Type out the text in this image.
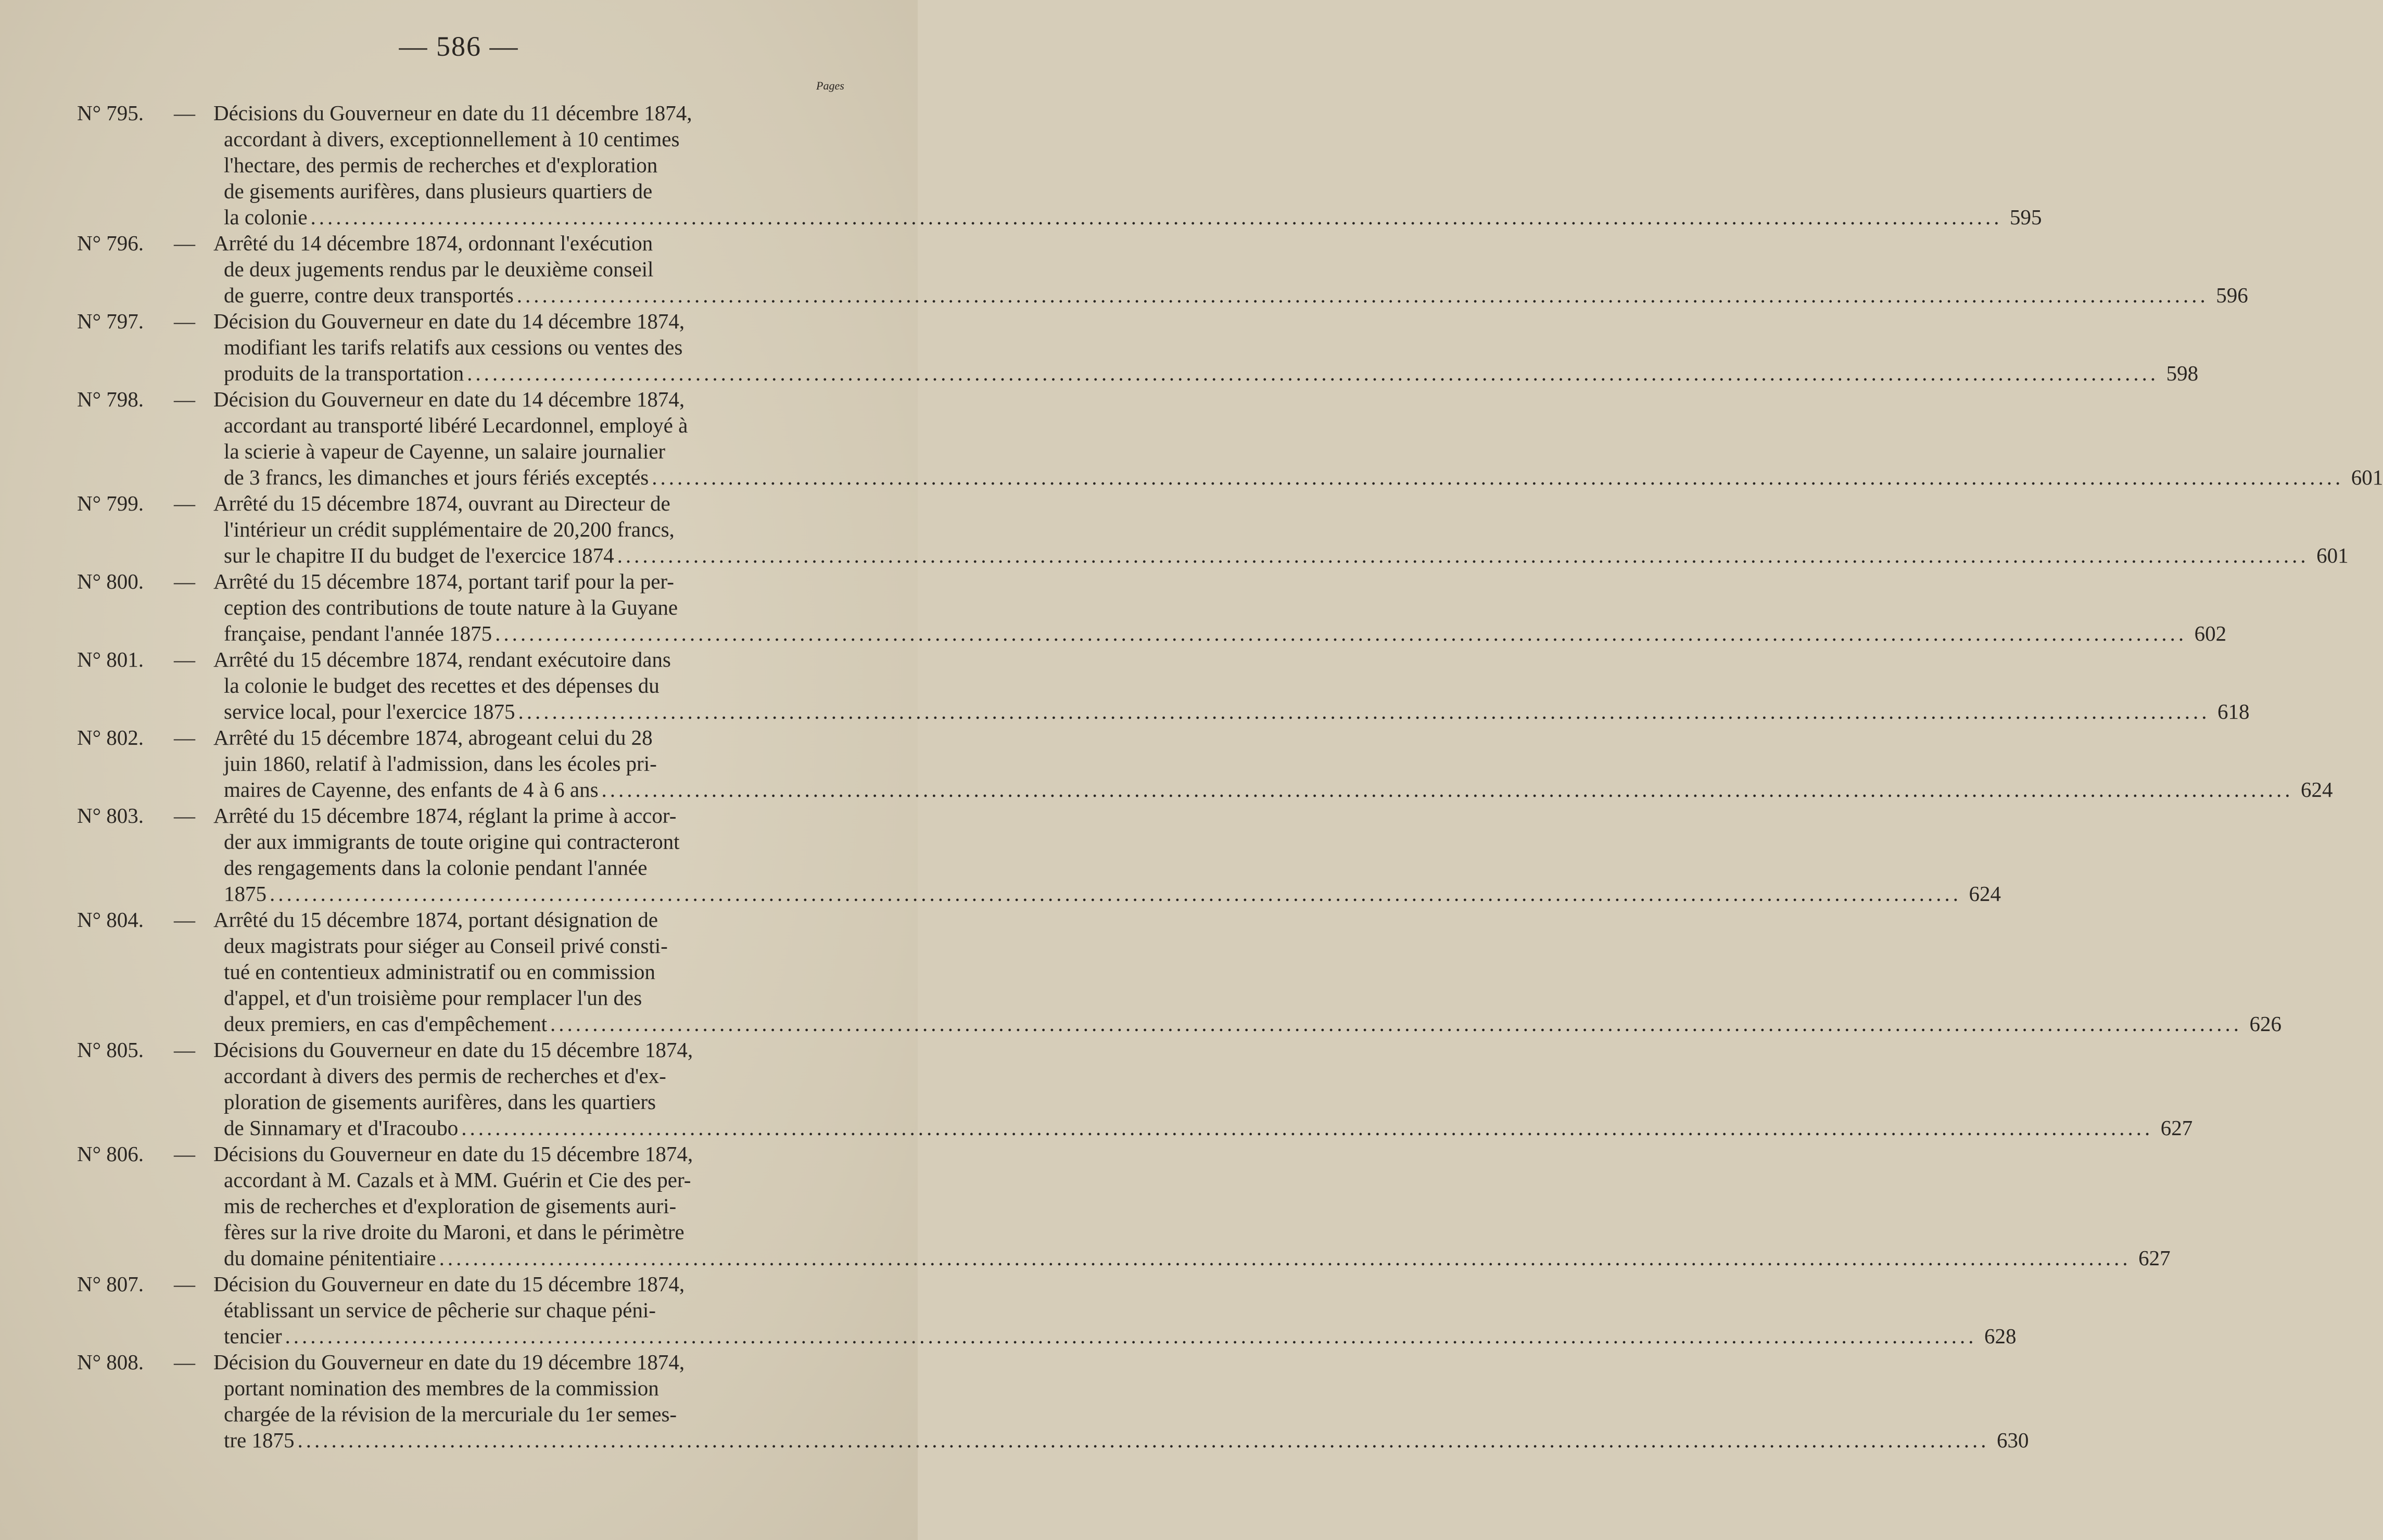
— 586 —
Pages
N° 795.	— Décisions du Gouverneur en date du 11 décembre 1874,
accordant à divers, exceptionnellement à 10 centimes
l'hectare, des permis de recherches et d'exploration
de gisements aurifères, dans plusieurs quartiers de
la colonie ........................................................................................................................................................................................................ 595
N° 796.	— Arrêté du 14 décembre 1874, ordonnant l'exécution
de deux jugements rendus par le deuxième conseil
de guerre, contre deux transportés ........................................................................................................................................................................................................ 596
N° 797.	— Décision du Gouverneur en date du 14 décembre 1874,
modifiant les tarifs relatifs aux cessions ou ventes des
produits de la transportation ........................................................................................................................................................................................................ 598
N° 798.	— Décision du Gouverneur en date du 14 décembre 1874,
accordant au transporté libéré Lecardonnel, employé à
la scierie à vapeur de Cayenne, un salaire journalier
de 3 francs, les dimanches et jours fériés exceptés ........................................................................................................................................................................................................ 601
N° 799.	— Arrêté du 15 décembre 1874, ouvrant au Directeur de
l'intérieur un crédit supplémentaire de 20,200 francs,
sur le chapitre II du budget de l'exercice 1874 ........................................................................................................................................................................................................ 601
N° 800.	— Arrêté du 15 décembre 1874, portant tarif pour la per-
ception des contributions de toute nature à la Guyane
française, pendant l'année 1875 ........................................................................................................................................................................................................ 602
N° 801.	— Arrêté du 15 décembre 1874, rendant exécutoire dans
la colonie le budget des recettes et des dépenses du
service local, pour l'exercice 1875 ........................................................................................................................................................................................................ 618
N° 802.	— Arrêté du 15 décembre 1874, abrogeant celui du 28
juin 1860, relatif à l'admission, dans les écoles pri-
maires de Cayenne, des enfants de 4 à 6 ans ........................................................................................................................................................................................................ 624
N° 803.	— Arrêté du 15 décembre 1874, réglant la prime à accor-
der aux immigrants de toute origine qui contracteront
des rengagements dans la colonie pendant l'année
1875 ........................................................................................................................................................................................................ 624
N° 804.	— Arrêté du 15 décembre 1874, portant désignation de
deux magistrats pour siéger au Conseil privé consti-
tué en contentieux administratif ou en commission
d'appel, et d'un troisième pour remplacer l'un des
deux premiers, en cas d'empêchement ........................................................................................................................................................................................................ 626
N° 805.	— Décisions du Gouverneur en date du 15 décembre 1874,
accordant à divers des permis de recherches et d'ex-
ploration de gisements aurifères, dans les quartiers
de Sinnamary et d'Iracoubo ........................................................................................................................................................................................................ 627
N° 806.	— Décisions du Gouverneur en date du 15 décembre 1874,
accordant à M. Cazals et à MM. Guérin et Cie des per-
mis de recherches et d'exploration de gisements auri-
fères sur la rive droite du Maroni, et dans le périmètre
du domaine pénitentiaire ........................................................................................................................................................................................................ 627
N° 807.	— Décision du Gouverneur en date du 15 décembre 1874,
établissant un service de pêcherie sur chaque péni-
tencier ........................................................................................................................................................................................................ 628
N° 808.	— Décision du Gouverneur en date du 19 décembre 1874,
portant nomination des membres de la commission
chargée de la révision de la mercuriale du 1er semes-
tre 1875 ........................................................................................................................................................................................................ 630
